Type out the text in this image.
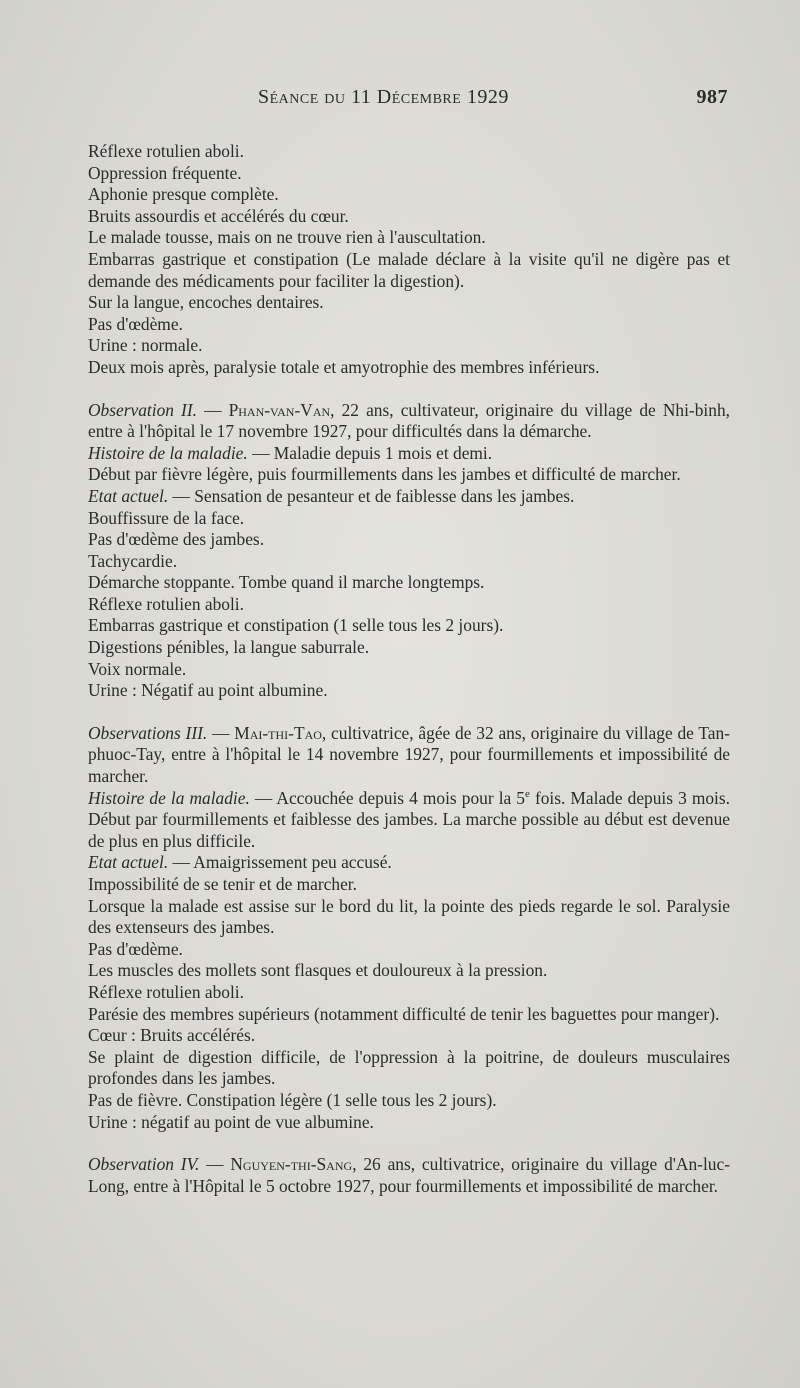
Séance du 11 Décembre 1929	987

Réflexe rotulien aboli.

Oppression fréquente.

Aphonie presque complète.

Bruits assourdis et accélérés du cœur.

Le malade tousse, mais on ne trouve rien à l'auscultation.

Embarras gastrique et constipation (Le malade déclare à la visite qu'il ne digère pas et demande des médicaments pour faciliter la digestion).

Sur la langue, encoches dentaires.

Pas d'œdème.

Urine : normale.

Deux mois après, paralysie totale et amyotrophie des membres inférieurs.

Observation II. — Phan-van-Van, 22 ans, cultivateur, originaire du village de Nhi-binh, entre à l'hôpital le 17 novembre 1927, pour difficultés dans la démarche.

Histoire de la maladie. — Maladie depuis 1 mois et demi.

Début par fièvre légère, puis fourmillements dans les jambes et difficulté de marcher.

Etat actuel. — Sensation de pesanteur et de faiblesse dans les jambes.

Bouffissure de la face.

Pas d'œdème des jambes.

Tachycardie.

Démarche stoppante. Tombe quand il marche longtemps.

Réflexe rotulien aboli.

Embarras gastrique et constipation (1 selle tous les 2 jours).

Digestions pénibles, la langue saburrale.

Voix normale.

Urine : Négatif au point albumine.

Observations III. — Mai-thi-Tao, cultivatrice, âgée de 32 ans, originaire du village de Tan-phuoc-Tay, entre à l'hôpital le 14 novembre 1927, pour fourmillements et impossibilité de marcher.

Histoire de la maladie. — Accouchée depuis 4 mois pour la 5e fois. Malade depuis 3 mois. Début par fourmillements et faiblesse des jambes. La marche possible au début est devenue de plus en plus difficile.

Etat actuel. — Amaigrissement peu accusé.

Impossibilité de se tenir et de marcher.

Lorsque la malade est assise sur le bord du lit, la pointe des pieds regarde le sol. Paralysie des extenseurs des jambes.

Pas d'œdème.

Les muscles des mollets sont flasques et douloureux à la pression.

Réflexe rotulien aboli.

Parésie des membres supérieurs (notamment difficulté de tenir les baguettes pour manger).

Cœur : Bruits accélérés.

Se plaint de digestion difficile, de l'oppression à la poitrine, de douleurs musculaires profondes dans les jambes.

Pas de fièvre. Constipation légère (1 selle tous les 2 jours).

Urine : négatif au point de vue albumine.

Observation IV. — Nguyen-thi-Sang, 26 ans, cultivatrice, originaire du village d'An-luc-Long, entre à l'Hôpital le 5 octobre 1927, pour fourmillements et impossibilité de marcher.
